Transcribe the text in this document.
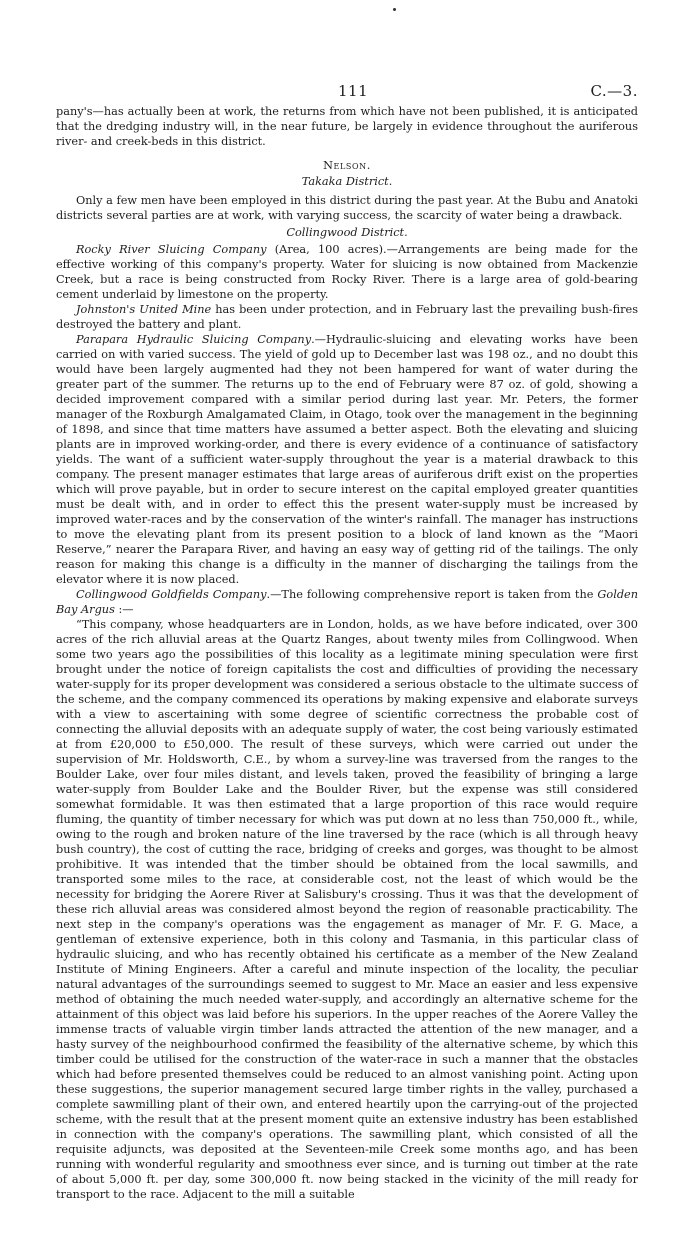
111	C.—3.

pany's—has actually been at work, the returns from which have not been published, it is anticipated that the dredging industry will, in the near future, be largely in evidence throughout the auriferous river- and creek-beds in this district.

Nelson.

Takaka District.

Only a few men have been employed in this district during the past year. At the Bubu and Anatoki districts several parties are at work, with varying success, the scarcity of water being a drawback.

Collingwood District.

Rocky River Sluicing Company (Area, 100 acres).—Arrangements are being made for the effective working of this company's property. Water for sluicing is now obtained from Mackenzie Creek, but a race is being constructed from Rocky River. There is a large area of gold-bearing cement underlaid by limestone on the property.

Johnston's United Mine has been under protection, and in February last the prevailing bush-fires destroyed the battery and plant.

Parapara Hydraulic Sluicing Company.—Hydraulic-sluicing and elevating works have been carried on with varied success. The yield of gold up to December last was 198 oz., and no doubt this would have been largely augmented had they not been hampered for want of water during the greater part of the summer. The returns up to the end of February were 87 oz. of gold, showing a decided improvement compared with a similar period during last year. Mr. Peters, the former manager of the Roxburgh Amalgamated Claim, in Otago, took over the management in the beginning of 1898, and since that time matters have assumed a better aspect. Both the elevating and sluicing plants are in improved working-order, and there is every evidence of a continuance of satisfactory yields. The want of a sufficient water-supply throughout the year is a material drawback to this company. The present manager estimates that large areas of auriferous drift exist on the properties which will prove payable, but in order to secure interest on the capital employed greater quantities must be dealt with, and in order to effect this the present water-supply must be increased by improved water-races and by the conservation of the winter's rainfall. The manager has instructions to move the elevating plant from its present position to a block of land known as the “Maori Reserve,” nearer the Parapara River, and having an easy way of getting rid of the tailings. The only reason for making this change is a difficulty in the manner of discharging the tailings from the elevator where it is now placed.

Collingwood Goldfields Company.—The following comprehensive report is taken from the Golden Bay Argus :—

“This company, whose headquarters are in London, holds, as we have before indicated, over 300 acres of the rich alluvial areas at the Quartz Ranges, about twenty miles from Collingwood. When some two years ago the possibilities of this locality as a legitimate mining speculation were first brought under the notice of foreign capitalists the cost and difficulties of providing the necessary water-supply for its proper development was considered a serious obstacle to the ultimate success of the scheme, and the company commenced its operations by making expensive and elaborate surveys with a view to ascertaining with some degree of scientific correctness the probable cost of connecting the alluvial deposits with an adequate supply of water, the cost being variously estimated at from £20,000 to £50,000. The result of these surveys, which were carried out under the supervision of Mr. Holdsworth, C.E., by whom a survey-line was traversed from the ranges to the Boulder Lake, over four miles distant, and levels taken, proved the feasibility of bringing a large water-supply from Boulder Lake and the Boulder River, but the expense was still considered somewhat formidable. It was then estimated that a large proportion of this race would require fluming, the quantity of timber necessary for which was put down at no less than 750,000 ft., while, owing to the rough and broken nature of the line traversed by the race (which is all through heavy bush country), the cost of cutting the race, bridging of creeks and gorges, was thought to be almost prohibitive. It was intended that the timber should be obtained from the local sawmills, and transported some miles to the race, at considerable cost, not the least of which would be the necessity for bridging the Aorere River at Salisbury's crossing. Thus it was that the development of these rich alluvial areas was considered almost beyond the region of reasonable practicability. The next step in the company's operations was the engagement as manager of Mr. F. G. Mace, a gentleman of extensive experience, both in this colony and Tasmania, in this particular class of hydraulic sluicing, and who has recently obtained his certificate as a member of the New Zealand Institute of Mining Engineers. After a careful and minute inspection of the locality, the peculiar natural advantages of the surroundings seemed to suggest to Mr. Mace an easier and less expensive method of obtaining the much needed water-supply, and accordingly an alternative scheme for the attainment of this object was laid before his superiors. In the upper reaches of the Aorere Valley the immense tracts of valuable virgin timber lands attracted the attention of the new manager, and a hasty survey of the neighbourhood confirmed the feasibility of the alternative scheme, by which this timber could be utilised for the construction of the water-race in such a manner that the obstacles which had before presented themselves could be reduced to an almost vanishing point. Acting upon these suggestions, the superior management secured large timber rights in the valley, purchased a complete sawmilling plant of their own, and entered heartily upon the carrying-out of the projected scheme, with the result that at the present moment quite an extensive industry has been established in connection with the company's operations. The sawmilling plant, which consisted of all the requisite adjuncts, was deposited at the Seventeen-mile Creek some months ago, and has been running with wonderful regularity and smoothness ever since, and is turning out timber at the rate of about 5,000 ft. per day, some 300,000 ft. now being stacked in the vicinity of the mill ready for transport to the race. Adjacent to the mill a suitable
